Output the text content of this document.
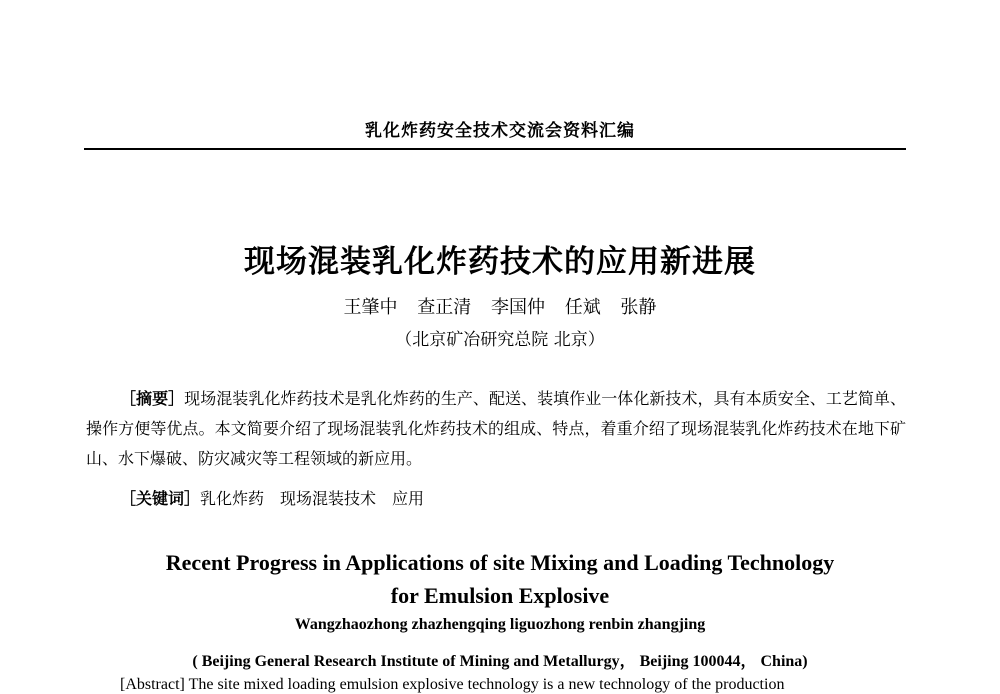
乳化炸药安全技术交流会资料汇编
现场混装乳化炸药技术的应用新进展
王肇中 查正清 李国仲 任斌 张静
（北京矿冶研究总院 北京）
［摘要］现场混装乳化炸药技术是乳化炸药的生产、配送、装填作业一体化新技术，具有本质安全、工艺简单、操作方便等优点。本文简要介绍了现场混装乳化炸药技术的组成、特点，着重介绍了现场混装乳化炸药技术在地下矿山、水下爆破、防灾减灾等工程领域的新应用。
［关键词］乳化炸药 现场混装技术 应用
Recent Progress in Applications of site Mixing and Loading Technology
for Emulsion Explosive
Wangzhaozhong zhazhengqing liguozhong renbin zhangjing
( Beijing General Research Institute of Mining and Metallurgy， Beijing 100044， China)
[Abstract] The site mixed loading emulsion explosive technology is a new technology of the production
